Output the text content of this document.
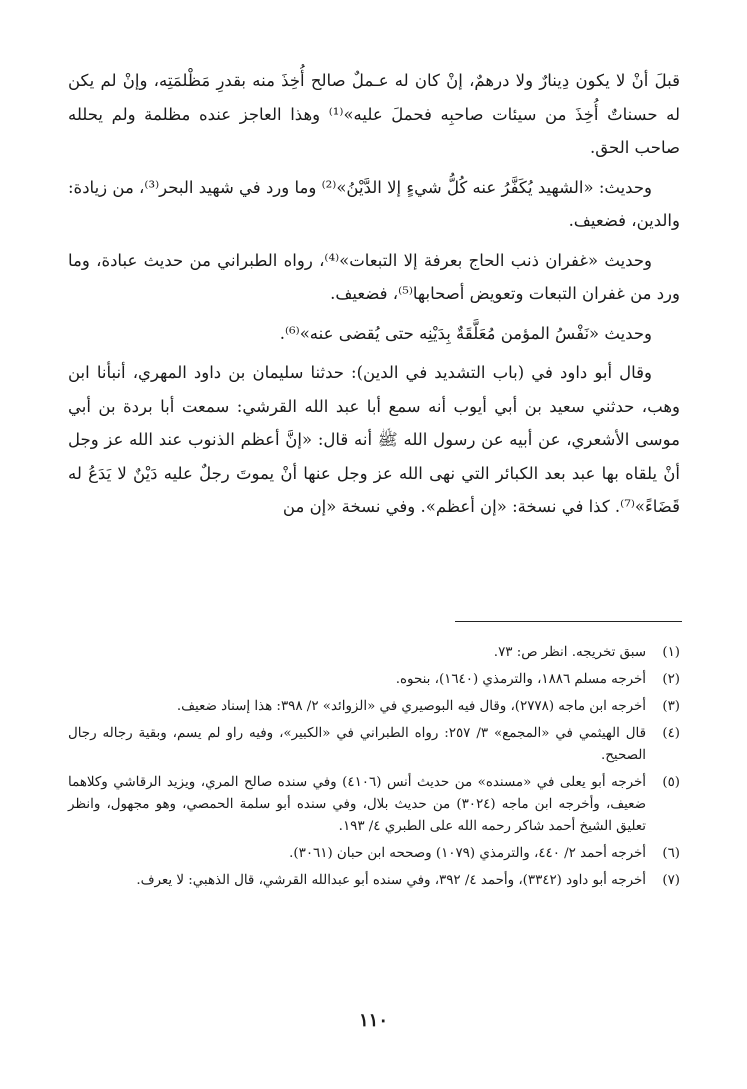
قبلَ أنْ لا يكون دِينارٌ ولا درهمٌ، إنْ كان له عـملٌ صالح أُخِذَ منه بقدرِ مَظْلمَتِه، وإنْ لم يكن له حسناتٌ أُخِذَ من سيئات صاحبِه فحملَ عليه»⁽¹⁾ وهذا العاجز عنده مظلمة ولم يحلله صاحب الحق.

وحديث: «الشهيد يُكَفَّرُ عنه كُلُّ شيءٍ إلا الدَّيْنُ»⁽²⁾ وما ورد في شهيد البحر⁽³⁾، من زيادة: والدين، فضعيف.

وحديث «غفران ذنب الحاج بعرفة إلا التبعات»⁽⁴⁾، رواه الطبراني من حديث عبادة، وما ورد من غفران التبعات وتعويض أصحابها⁽⁵⁾، فضعيف.

وحديث «نَفْسُ المؤمن مُعَلَّقَةٌ بِدَيْنِه حتى يُقضى عنه»⁽⁶⁾.

وقال أبو داود في (باب التشديد في الدين): حدثنا سليمان بن داود المهري، أنبأنا ابن وهب، حدثني سعيد بن أبي أيوب أنه سمع أبا عبد الله القرشي: سمعت أبا بردة بن أبي موسى الأشعري، عن أبيه عن رسول الله ﷺ أنه قال: «إنَّ أعظم الذنوب عند الله عز وجل أنْ يلقاه بها عبد بعد الكبائر التي نهى الله عز وجل عنها أنْ يموتَ رجلٌ عليه دَيْنٌ لا يَدَعُ له قَضَاءً»⁽⁷⁾. كذا في نسخة: «إن أعظم». وفي نسخة «إن من

(١)
سبق تخريجه. انظر ص: ٧٣.
(٢)
أخرجه مسلم ١٨٨٦، والترمذي (١٦٤٠)، بنحوه.
(٣)
أخرجه ابن ماجه (٢٧٧٨)، وقال فيه البوصيري في «الزوائد» ٢/ ٣٩٨: هذا إسناد ضعيف.
(٤)
قال الهيثمي في «المجمع» ٣/ ٢٥٧: رواه الطبراني في «الكبير»، وفيه راو لم يسم، وبقية رجاله رجال الصحيح.
(٥)
أخرجه أبو يعلى في «مسنده» من حديث أنس (٤١٠٦) وفي سنده صالح المري، ويزيد الرقاشي وكلاهما ضعيف، وأخرجه ابن ماجه (٣٠٢٤) من حديث بلال، وفي سنده أبو سلمة الحمصي، وهو مجهول، وانظر تعليق الشيخ أحمد شاكر رحمه الله على الطبري ٤/ ١٩٣.
(٦)
أخرجه أحمد ٢/ ٤٤٠، والترمذي (١٠٧٩) وصححه ابن حبان (٣٠٦١).
(٧)
أخرجه أبو داود (٣٣٤٢)، وأحمد ٤/ ٣٩٢، وفي سنده أبو عبدالله القرشي، قال الذهبي: لا يعرف.
١١٠
